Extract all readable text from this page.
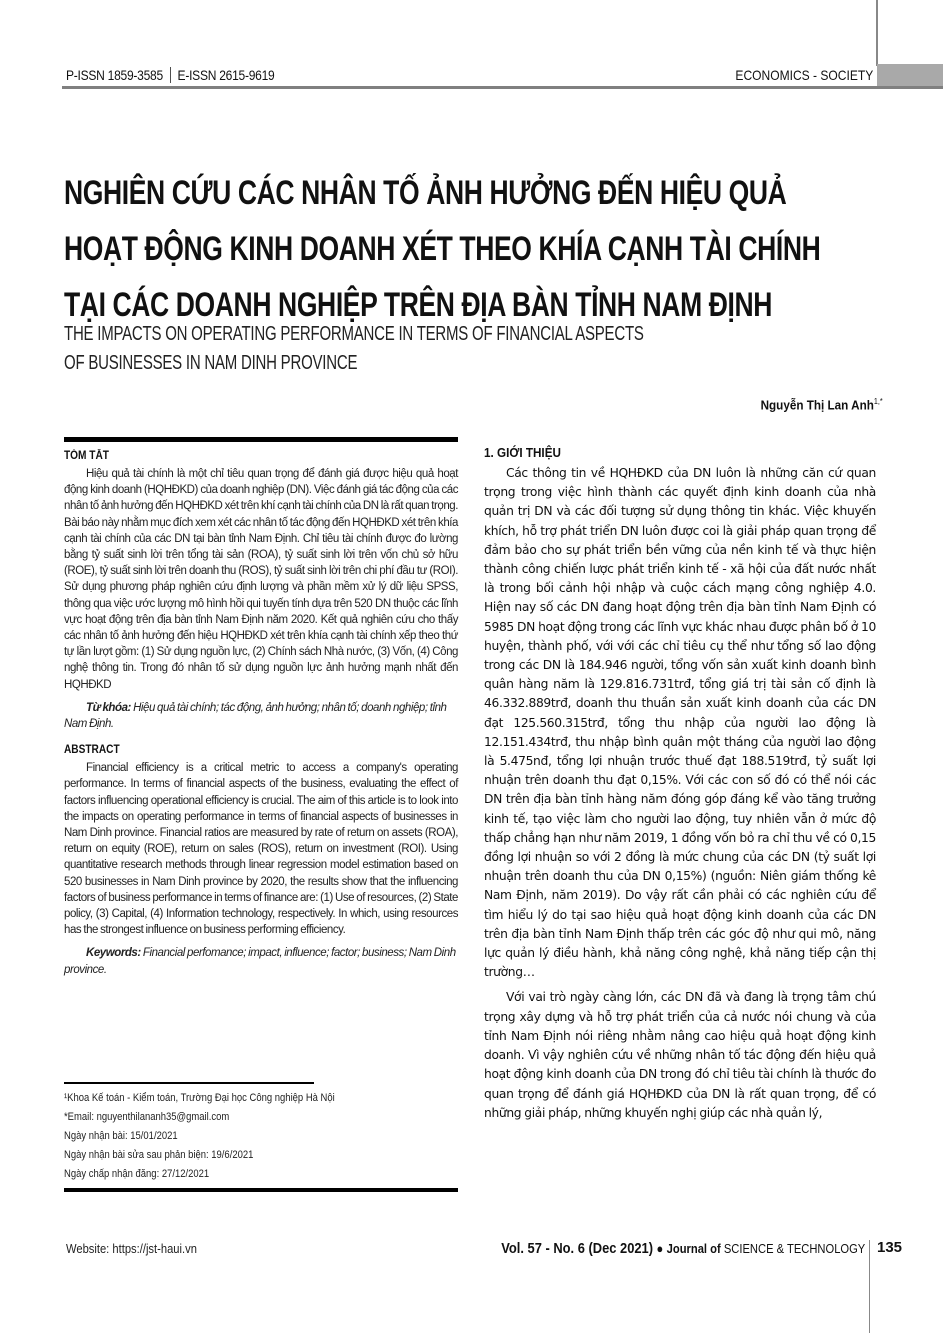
P-ISSN 1859-3585 E-ISSN 2615-9619	ECONOMICS - SOCIETY
NGHIÊN CỨU CÁC NHÂN TỐ ẢNH HƯỞNG ĐẾN HIỆU QUẢ
HOẠT ĐỘNG KINH DOANH XÉT THEO KHÍA CẠNH TÀI CHÍNH
TẠI CÁC DOANH NGHIỆP TRÊN ĐỊA BÀN TỈNH NAM ĐỊNH
THE IMPACTS ON OPERATING PERFORMANCE IN TERMS OF FINANCIAL ASPECTS
OF BUSINESSES IN NAM DINH PROVINCE
Nguyễn Thị Lan Anh$^{1,*}$
TÓM TẮT

Hiệu quả tài chính là một chỉ tiêu quan trọng để đánh giá được hiệu quả hoạt động kinh doanh (HQHĐKD) của doanh nghiệp (DN). Việc đánh giá tác động của các nhân tố ảnh hưởng đến HQHĐKD xét trên khí cạnh tài chính của DN là rất quan trọng. Bài báo này nhằm mục đích xem xét các nhân tố tác động đến HQHĐKD xét trên khía cạnh tài chính của các DN tại bàn tỉnh Nam Định. Chỉ tiêu tài chính được đo lường bằng tỷ suất sinh lời trên tổng tài sản (ROA), tỷ suất sinh lời trên vốn chủ sở hữu (ROE), tỷ suất sinh lời trên doanh thu (ROS), tỷ suất sinh lời trên chi phí đầu tư (ROI). Sử dụng phương pháp nghiên cứu định lượng và phần mềm xử lý dữ liệu SPSS, thông qua việc ước lượng mô hình hồi qui tuyến tính dựa trên 520 DN thuộc các lĩnh vực hoạt động trên địa bàn tỉnh Nam Định năm 2020. Kết quả nghiên cứu cho thấy các nhân tố ảnh hưởng đến hiệu HQHĐKD xét trên khía cạnh tài chính xếp theo thứ tự lần lượt gồm: (1) Sử dụng nguồn lực, (2) Chính sách Nhà nước, (3) Vốn, (4) Công nghệ thông tin. Trong đó nhân tố sử dụng nguồn lực ảnh hưởng mạnh nhất đến HQHĐKD

Từ khóa: Hiệu quả tài chính; tác động, ảnh hưởng; nhân tố; doanh nghiệp; tỉnh Nam Định.

ABSTRACT

Financial efficiency is a critical metric to access a company's operating performance. In terms of financial aspects of the business, evaluating the effect of factors influencing operational efficiency is crucial. The aim of this article is to look into the impacts on operating performance in terms of financial aspects of businesses in Nam Dinh province. Financial ratios are measured by rate of return on assets (ROA), return on equity (ROE), return on sales (ROS), return on investment (ROI). Using quantitative research methods through linear regression model estimation based on 520 businesses in Nam Dinh province by 2020, the results show that the influencing factors of business performance in terms of finance are: (1) Use of resources, (2) State policy, (3) Capital, (4) Information technology, respectively. In which, using resources has the strongest influence on business performing efficiency.

Keywords: Financial perfomance; impact, influence; factor; business; Nam Dinh province.

¹Khoa Kế toán - Kiểm toán, Trường Đại học Công nghiệp Hà Nội
*Email: nguyenthilananh35@gmail.com
Ngày nhận bài: 15/01/2021
Ngày nhận bài sửa sau phản biện: 19/6/2021
Ngày chấp nhận đăng: 27/12/2021
1. GIỚI THIỆU

Các thông tin về HQHĐKD của DN luôn là những căn cứ quan trọng trong việc hình thành các quyết định kinh doanh của nhà quản trị DN và các đối tượng sử dụng thông tin khác. Việc khuyến khích, hỗ trợ phát triển DN luôn được coi là giải pháp quan trọng để đảm bảo cho sự phát triển bền vững của nền kinh tế và thực hiện thành công chiến lược phát triển kinh tế - xã hội của đất nước nhất là trong bối cảnh hội nhập và cuộc cách mạng công nghiệp 4.0. Hiện nay số các DN đang hoạt động trên địa bàn tỉnh Nam Định có 5985 DN hoạt động trong các lĩnh vực khác nhau được phân bố ở 10 huyện, thành phố, với với các chỉ tiêu cụ thể như tổng số lao động trong các DN là 184.946 người, tổng vốn sản xuất kinh doanh bình quân hàng năm là 129.816.731trđ, tổng giá trị tài sản cố định là 46.332.889trđ, doanh thu thuần sản xuất kinh doanh của các DN đạt 125.560.315trđ, tổng thu nhập của người lao động là 12.151.434trđ, thu nhập bình quân một tháng của người lao động là 5.475nđ, tổng lợi nhuận trước thuế đạt 188.519trđ, tỷ suất lợi nhuận trên doanh thu đạt 0,15%. Với các con số đó có thể nói các DN trên địa bàn tỉnh hàng năm đóng góp đáng kể vào tăng trưởng kinh tế, tạo việc làm cho người lao động, tuy nhiên vẫn ở mức độ thấp chẳng hạn như năm 2019, 1 đồng vốn bỏ ra chỉ thu về có 0,15 đồng lợi nhuận so với 2 đồng là mức chung của các DN (tỷ suất lợi nhuận trên doanh thu của DN 0,15%) (nguồn: Niên giám thống kê Nam Định, năm 2019). Do vậy rất cần phải có các nghiên cứu để tìm hiểu lý do tại sao hiệu quả hoạt động kinh doanh của các DN trên địa bàn tỉnh Nam Định thấp trên các góc độ như qui mô, năng lực quản lý điều hành, khả năng công nghệ, khả năng tiếp cận thị trường…

Với vai trò ngày càng lớn, các DN đã và đang là trọng tâm chú trọng xây dựng và hỗ trợ phát triển của cả nước nói chung và của tỉnh Nam Định nói riêng nhằm nâng cao hiệu quả hoạt động kinh doanh. Vì vậy nghiên cứu về những nhân tố tác động đến hiệu quả hoạt động kinh doanh của DN trong đó chỉ tiêu tài chính là thước đo quan trọng để đánh giá HQHĐKD của DN là rất quan trọng, để có những giải pháp, những khuyến nghị giúp các nhà quản lý,

Website: https://jst-haui.vn	Vol. 57 - No. 6 (Dec 2021) ● Journal of SCIENCE & TECHNOLOGY 135
